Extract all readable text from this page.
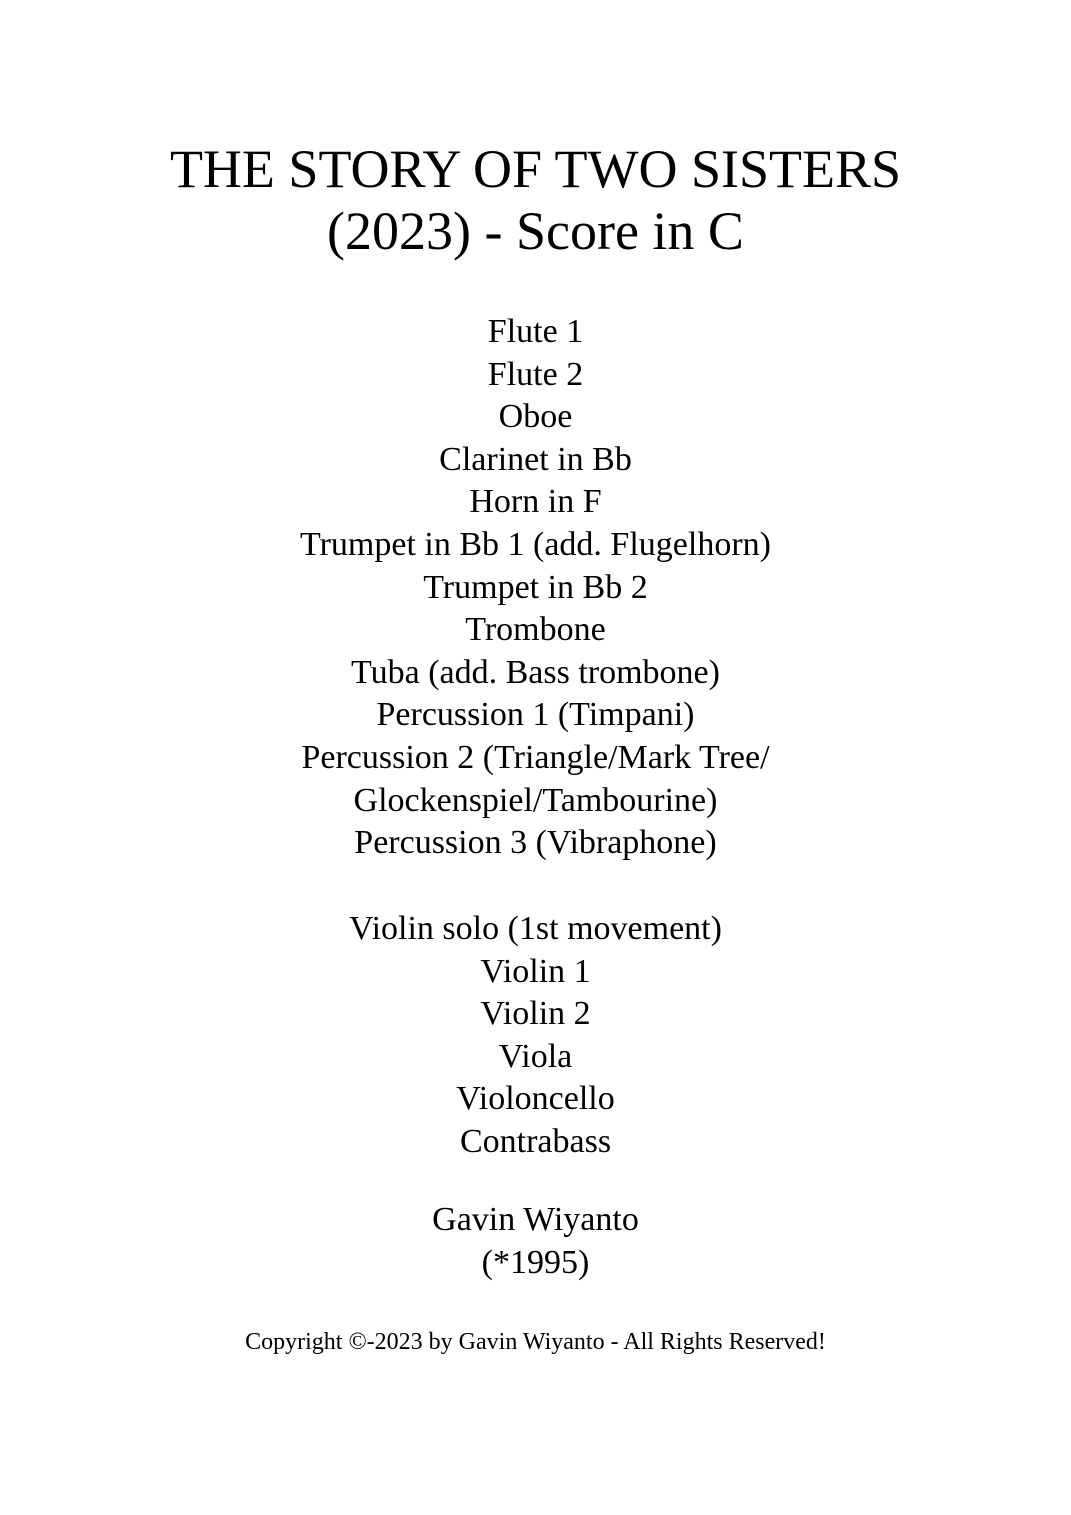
THE STORY OF TWO SISTERS
(2023) - Score in C
Flute 1
Flute 2
Oboe
Clarinet in Bb
Horn in F
Trumpet in Bb 1 (add. Flugelhorn)
Trumpet in Bb 2
Trombone
Tuba (add. Bass trombone)
Percussion 1 (Timpani)
Percussion 2 (Triangle/Mark Tree/
Glockenspiel/Tambourine)
Percussion 3 (Vibraphone)
Violin solo (1st movement)
Violin 1
Violin 2
Viola
Violoncello
Contrabass
Gavin Wiyanto
(*1995)
Copyright ©-2023 by Gavin Wiyanto - All Rights Reserved!
